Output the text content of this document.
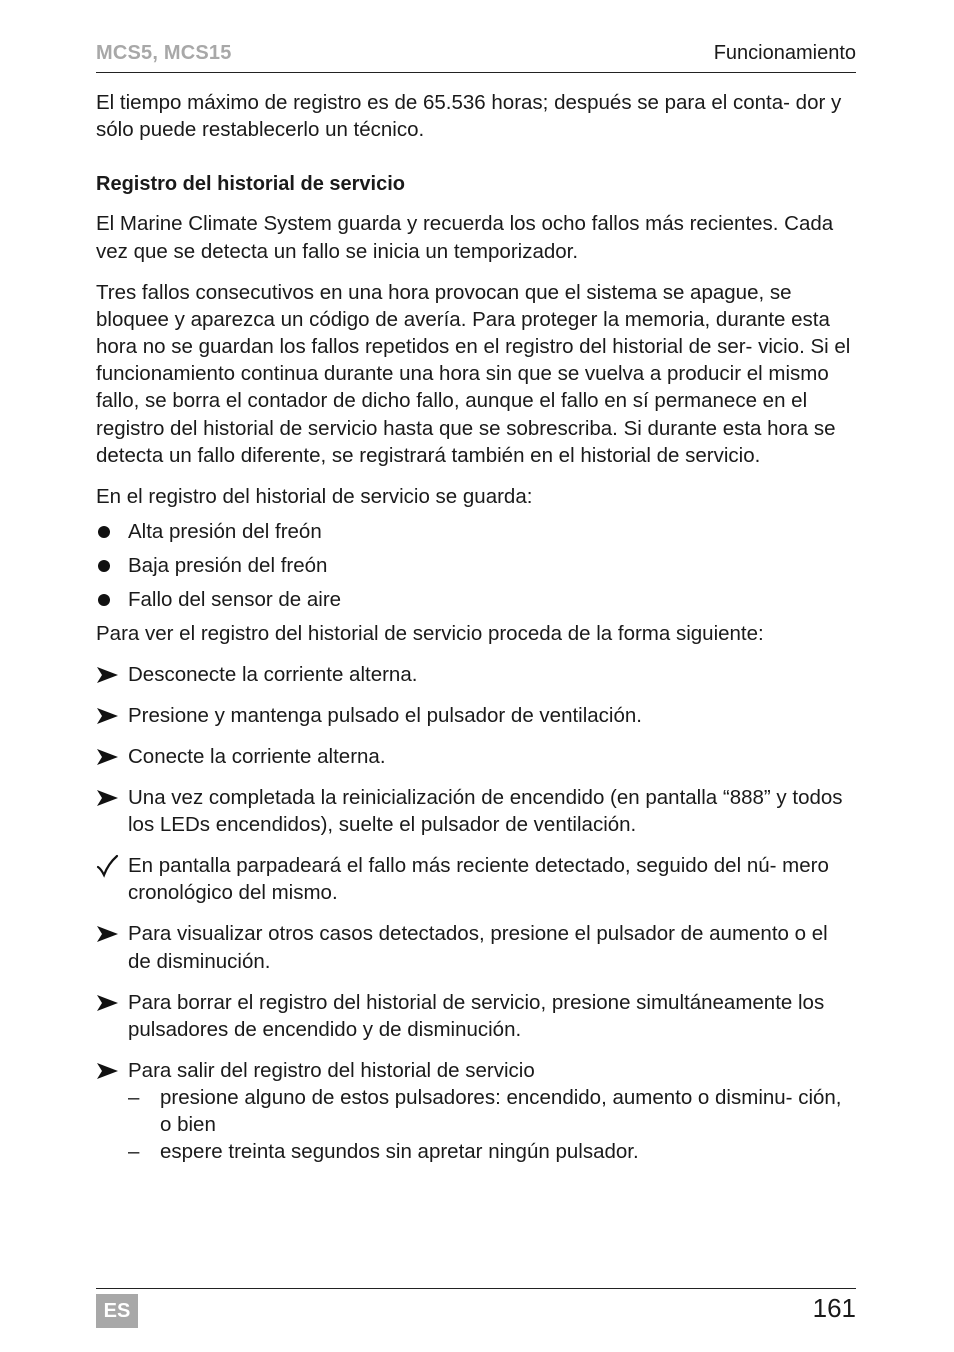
MCS5, MCS15	Funcionamiento

El tiempo máximo de registro es de 65.536 horas; después se para el conta- dor y sólo puede restablecerlo un técnico.

Registro del historial de servicio

El Marine Climate System guarda y recuerda los ocho fallos más recientes. Cada vez que se detecta un fallo se inicia un temporizador.

Tres fallos consecutivos en una hora provocan que el sistema se apague, se bloquee y aparezca un código de avería. Para proteger la memoria, durante esta hora no se guardan los fallos repetidos en el registro del historial de ser- vicio. Si el funcionamiento continua durante una hora sin que se vuelva a producir el mismo fallo, se borra el contador de dicho fallo, aunque el fallo en sí permanece en el registro del historial de servicio hasta que se sobrescriba. Si durante esta hora se detecta un fallo diferente, se registrará también en el historial de servicio.

En el registro del historial de servicio se guarda:

Alta presión del freón
Baja presión del freón
Fallo del sensor de aire

Para ver el registro del historial de servicio proceda de la forma siguiente:

Desconecte la corriente alterna.
Presione y mantenga pulsado el pulsador de ventilación.
Conecte la corriente alterna.
Una vez completada la reinicialización de encendido (en pantalla “888” y todos los LEDs encendidos), suelte el pulsador de ventilación.
En pantalla parpadeará el fallo más reciente detectado, seguido del nú- mero cronológico del mismo.
Para visualizar otros casos detectados, presione el pulsador de aumento o el de disminución.
Para borrar el registro del historial de servicio, presione simultáneamente los pulsadores de encendido y de disminución.
Para salir del registro del historial de servicio
– presione alguno de estos pulsadores: encendido, aumento o disminu- ción, o bien
– espere treinta segundos sin apretar ningún pulsador.
ES	161
